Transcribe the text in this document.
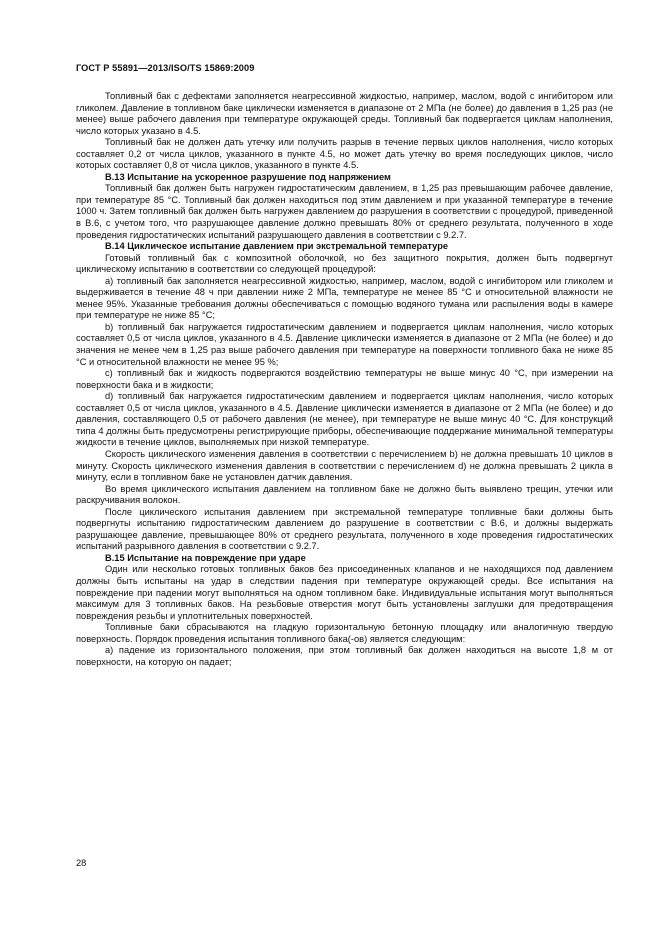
ГОСТ Р 55891—2013/ISO/TS 15869:2009

Топливный бак с дефектами заполняется неагрессивной жидкостью, например, маслом, водой с ингибитором или гликолем. Давление в топливном баке циклически изменяется в диапазоне от 2 МПа (не более) до давления в 1,25 раз (не менее) выше рабочего давления при температуре окружающей среды. Топливный бак подвергается циклам наполнения, число которых указано в 4.5.

Топливный бак не должен дать утечку или получить разрыв в течение первых циклов наполнения, число которых составляет 0,2 от числа циклов, указанного в пункте 4.5, но может дать утечку во время последующих циклов, число которых составляет 0,8 от числа циклов, указанного в пункте 4.5.

В.13 Испытание на ускоренное разрушение под напряжением

Топливный бак должен быть нагружен гидростатическим давлением, в 1,25 раз превышающим рабочее давление, при температуре 85 °С. Топливный бак должен находиться под этим давлением и при указанной температуре в течение 1000 ч. Затем топливный бак должен быть нагружен давлением до разрушения в соответствии с процедурой, приведенной в В.6, с учетом того, что разрушающее давление должно превышать 80% от среднего результата, полученного в ходе проведения гидростатических испытаний разрушающего давления в соответствии с 9.2.7.

В.14 Циклическое испытание давлением при экстремальной температуре

Готовый топливный бак с композитной оболочкой, но без защитного покрытия, должен быть подвергнут циклическому испытанию в соответствии со следующей процедурой:

a) топливный бак заполняется неагрессивной жидкостью, например, маслом, водой с ингибитором или гликолем и выдерживается в течение 48 ч при давлении ниже 2 МПа, температуре не менее 85 °С и относительной влажности не менее 95%. Указанные требования должны обеспечиваться с помощью водяного тумана или распыления воды в камере при температуре не ниже 85 °С;

b) топливный бак нагружается гидростатическим давлением и подвергается циклам наполнения, число которых составляет 0,5 от числа циклов, указанного в 4.5. Давление циклически изменяется в диапазоне от 2 МПа (не более) и до значения не менее чем в 1,25 раз выше рабочего давления при температуре на поверхности топливного бака не ниже 85 °С и относительной влажности не менее 95 %;

c) топливный бак и жидкость подвергаются воздействию температуры не выше минус 40 °С, при измерении на поверхности бака и в жидкости;

d) топливный бак нагружается гидростатическим давлением и подвергается циклам наполнения, число которых составляет 0,5 от числа циклов, указанного в 4.5. Давление циклически изменяется в диапазоне от 2 МПа (не более) и до давления, составляющего 0,5 от рабочего давления (не менее), при температуре не выше минус 40 °С. Для конструкций типа 4 должны быть предусмотрены регистрирующие приборы, обеспечивающие поддержание минимальной температуры жидкости в течение циклов, выполняемых при низкой температуре.

Скорость циклического изменения давления в соответствии с перечислением b) не должна превышать 10 циклов в минуту. Скорость циклического изменения давления в соответствии с перечислением d) не должна превышать 2 цикла в минуту, если в топливном баке не установлен датчик давления.

Во время циклического испытания давлением на топливном баке не должно быть выявлено трещин, утечки или раскручивания волокон.

После циклического испытания давлением при экстремальной температуре топливные баки должны быть подвергнуты испытанию гидростатическим давлением до разрушение в соответствии с В.6, и должны выдержать разрушающее давление, превышающее 80% от среднего результата, полученного в ходе проведения гидростатических испытаний разрывного давления в соответствии с 9.2.7.

В.15 Испытание на повреждение при ударе

Один или несколько готовых топливных баков без присоединенных клапанов и не находящихся под давлением должны быть испытаны на удар в следствии падения при температуре окружающей среды. Все испытания на повреждение при падении могут выполняться на одном топливном баке. Индивидуальные испытания могут выполняться максимум для 3 топливных баков. На резьбовые отверстия могут быть установлены заглушки для предотвращения повреждения резьбы и уплотнительных поверхностей.

Топливные баки сбрасываются на гладкую горизонтальную бетонную площадку или аналогичную твердую поверхность. Порядок проведения испытания топливного бака(-ов) является следующим:

a) падение из горизонтального положения, при этом топливный бак должен находиться на высоте 1,8 м от поверхности, на которую он падает;

28
